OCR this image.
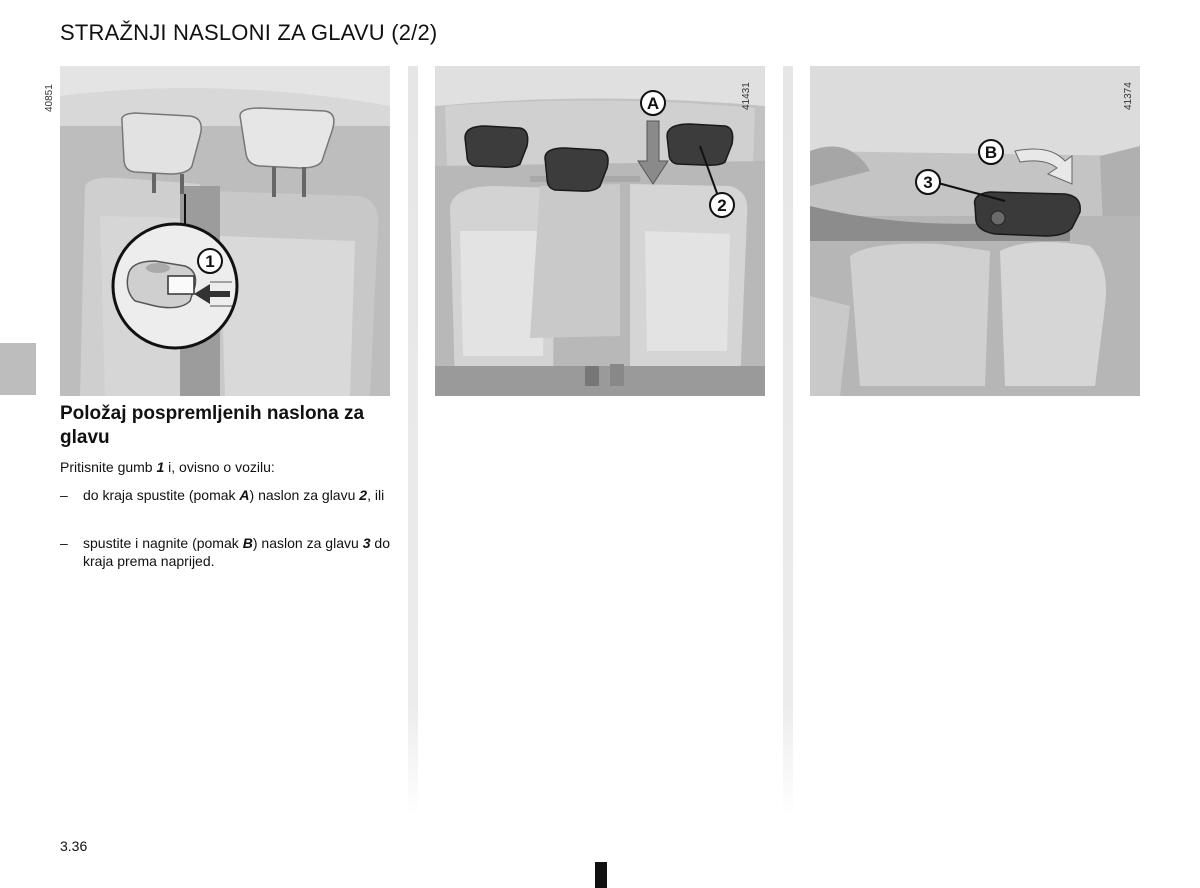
STRAŽNJI NASLONI ZA GLAVU (2/2)
1
40851	A
2
41431
B
3
41374
Položaj pospremljenih naslona za glavu
Pritisnite gumb 1 i, ovisno o vozilu:
– do kraja spustite (pomak A) naslon za glavu 2, ili
– spustite i nagnite (pomak B) naslon za glavu 3 do kraja prema naprijed.
3.36
